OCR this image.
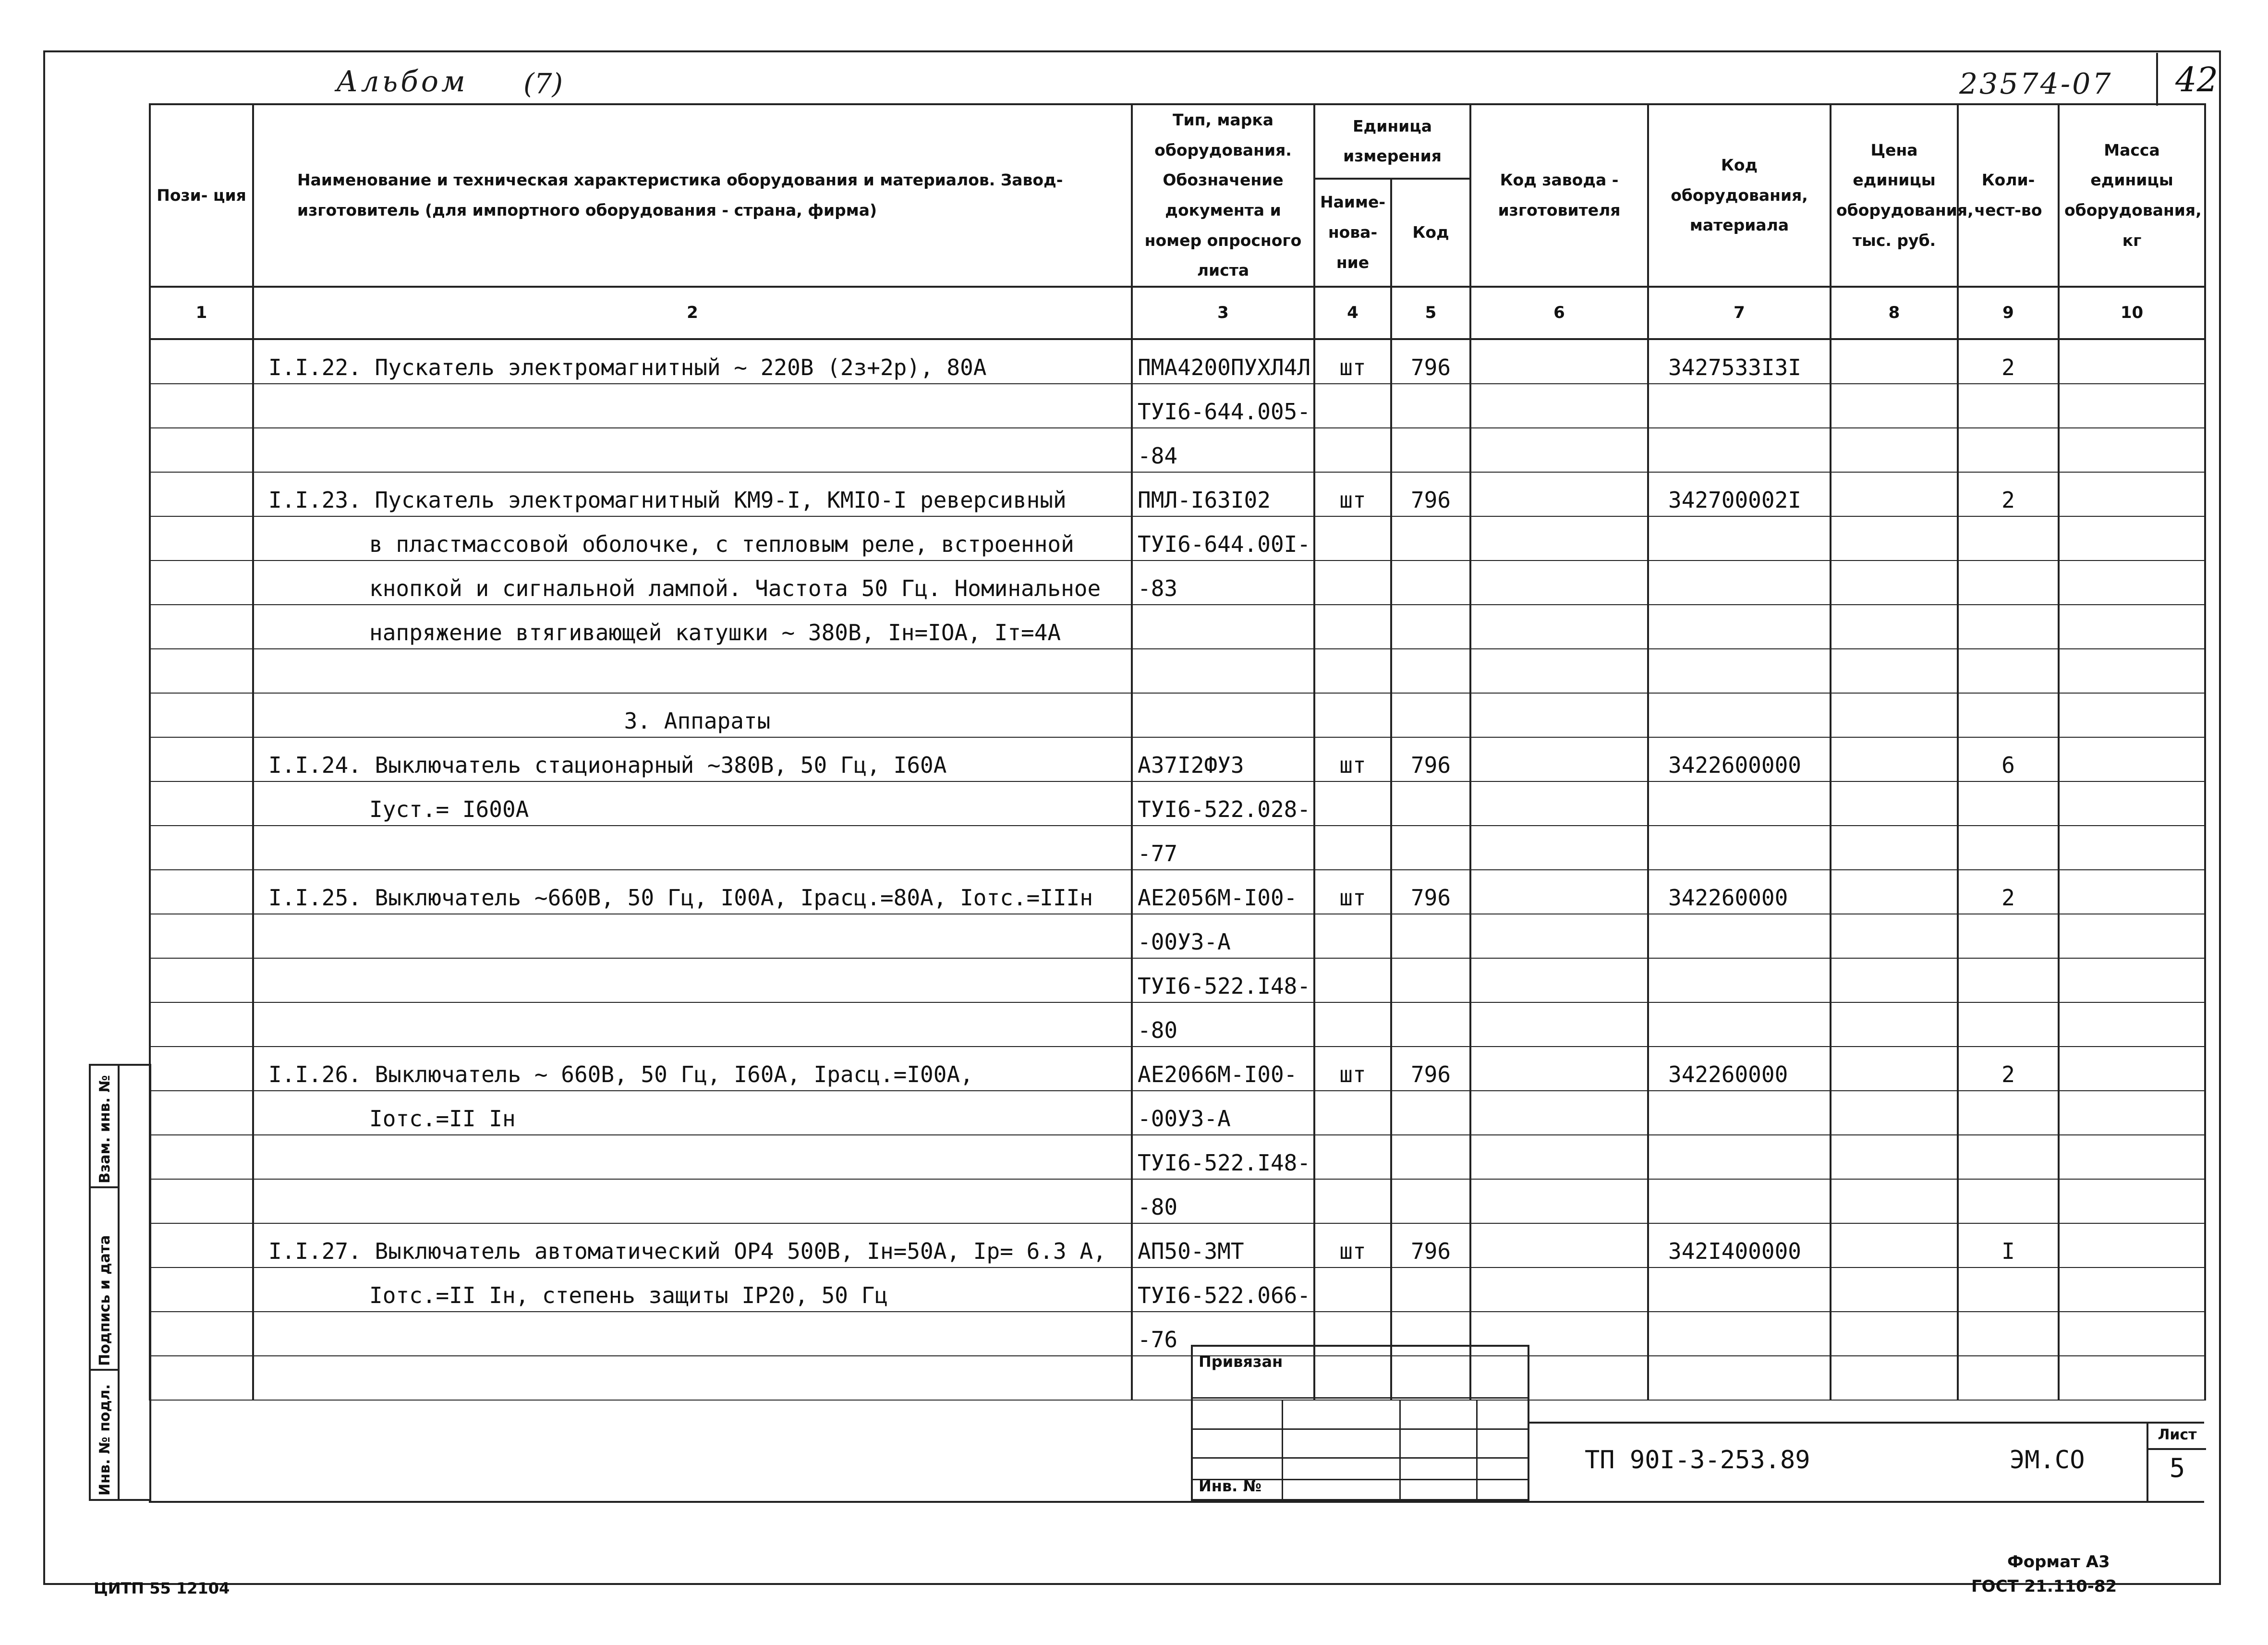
Альбом (7)	23574-07 42
Пози- ция	Наименование и техническая характеристика оборудования и материалов. Завод-изготовитель (для импортного оборудования - страна, фирма)	Тип, марка оборудования. Обозначение документа и номер опросного листа	Единица измерения		Код завода - изготовителя	Код оборудования, материала	Цена единицы оборудования, тыс. руб.	Коли-чест-во	Масса единицы оборудования, кг
			Наиме-нова-ние	Код					
1	2	3	4	5	6	7	8	9	10
	I.I.22. Пускатель электромагнитный ~ 220В (2з+2р), 80А	ПМА4200ПУХЛ4Л	шт	796		3427533I3I		2	
		ТУI6-644.005-							
		-84							
	I.I.23. Пускатель электромагнитный КМ9-I, КМIО-I реверсивный	ПМЛ-I63I02	шт	796		342700002I		2	
	в пластмассовой оболочке, с тепловым реле, встроенной	ТУI6-644.00I-							
	кнопкой и сигнальной лампой. Частота 50 Гц. Номинальное	-83							
	напряжение втягивающей катушки ~ 380В, Iн=IОА, Iт=4А								

	3. Аппараты								
	I.I.24. Выключатель стационарный ~380В, 50 Гц, I60А	А37I2ФУ3	шт	796		3422600000		6	
	Iуст.= I600А	ТУI6-522.028-							
		-77							
	I.I.25. Выключатель ~660В, 50 Гц, I00А, Iрасц.=80А, Iотс.=IIIн	АЕ2056М-I00-	шт	796		342260000		2	
		-00У3-А							
		ТУI6-522.I48-							
		-80							
	I.I.26. Выключатель ~ 660В, 50 Гц, I60А, Iрасц.=I00А,	АЕ2066М-I00-	шт	796		342260000		2	
	Iотс.=II Iн	-00У3-А							
		ТУI6-522.I48-							
		-80							
	I.I.27. Выключатель автоматический ОР4 500В, Iн=50А, Iр= 6.3 А,	АП50-3МТ	шт	796		342I400000		I	
	Iотс.=II Iн, степень защиты IР20, 50 Гц	ТУI6-522.066-							
		-76							

Взам. инв. №
Подпись и дата
Инв. № подл.
Привязан
Инв. №
ТП 90I-3-253.89	ЭМ.СО
Лист
5
Формат А3
ГОСТ 21.110-82
ЦИТП 55 12104
